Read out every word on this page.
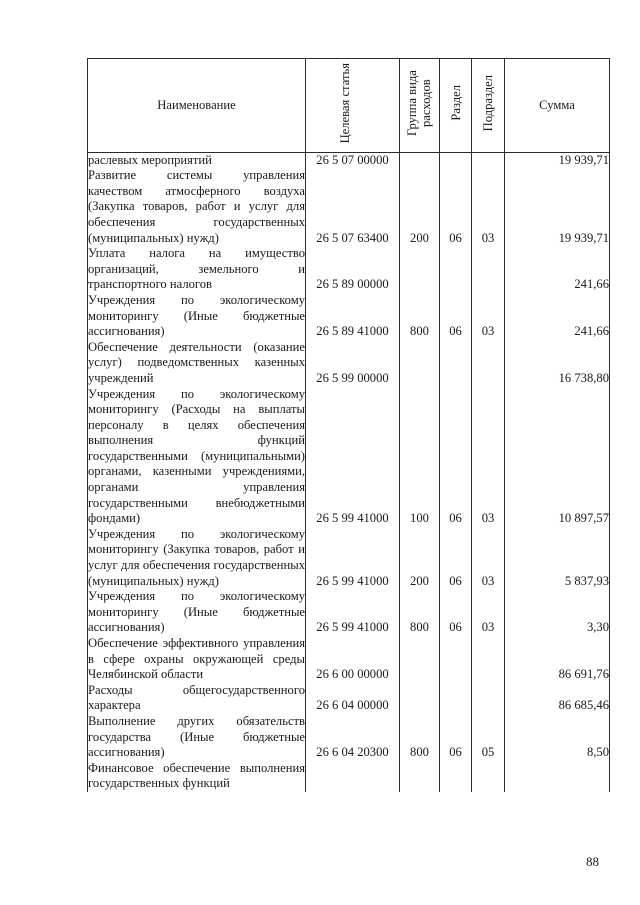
Наименование	Целевая статья	Группа вида расходов	Раздел	Подраздел	Сумма
раслевых мероприятий	26 5 07 00000				19 939,71
Развитие системы управления качеством атмосферного воздуха (Закупка товаров, работ и услуг для обеспечения государственных (муниципальных) нужд)	26 5 07 63400	200	06	03	19 939,71
Уплата налога на имущество организаций, земельного и транспортного налогов	26 5 89 00000				241,66
Учреждения по экологическому мониторингу (Иные бюджетные ассигнования)	26 5 89 41000	800	06	03	241,66
Обеспечение деятельности (оказание услуг) подведомственных казенных учреждений	26 5 99 00000				16 738,80
Учреждения по экологическому мониторингу (Расходы на выплаты персоналу в целях обеспечения выполнения функций государственными (муниципальными) органами, казенными учреждениями, органами управления государственными внебюджетными фондами)	26 5 99 41000	100	06	03	10 897,57
Учреждения по экологическому мониторингу (Закупка товаров, работ и услуг для обеспечения государственных (муниципальных) нужд)	26 5 99 41000	200	06	03	5 837,93
Учреждения по экологическому мониторингу (Иные бюджетные ассигнования)	26 5 99 41000	800	06	03	3,30
Обеспечение эффективного управления в сфере охраны окружающей среды Челябинской области	26 6 00 00000				86 691,76
Расходы общегосударственного характера	26 6 04 00000				86 685,46
Выполнение других обязательств государства (Иные бюджетные ассигнования)	26 6 04 20300	800	06	05	8,50
Финансовое обеспечение выполнения государственных функций					
88
